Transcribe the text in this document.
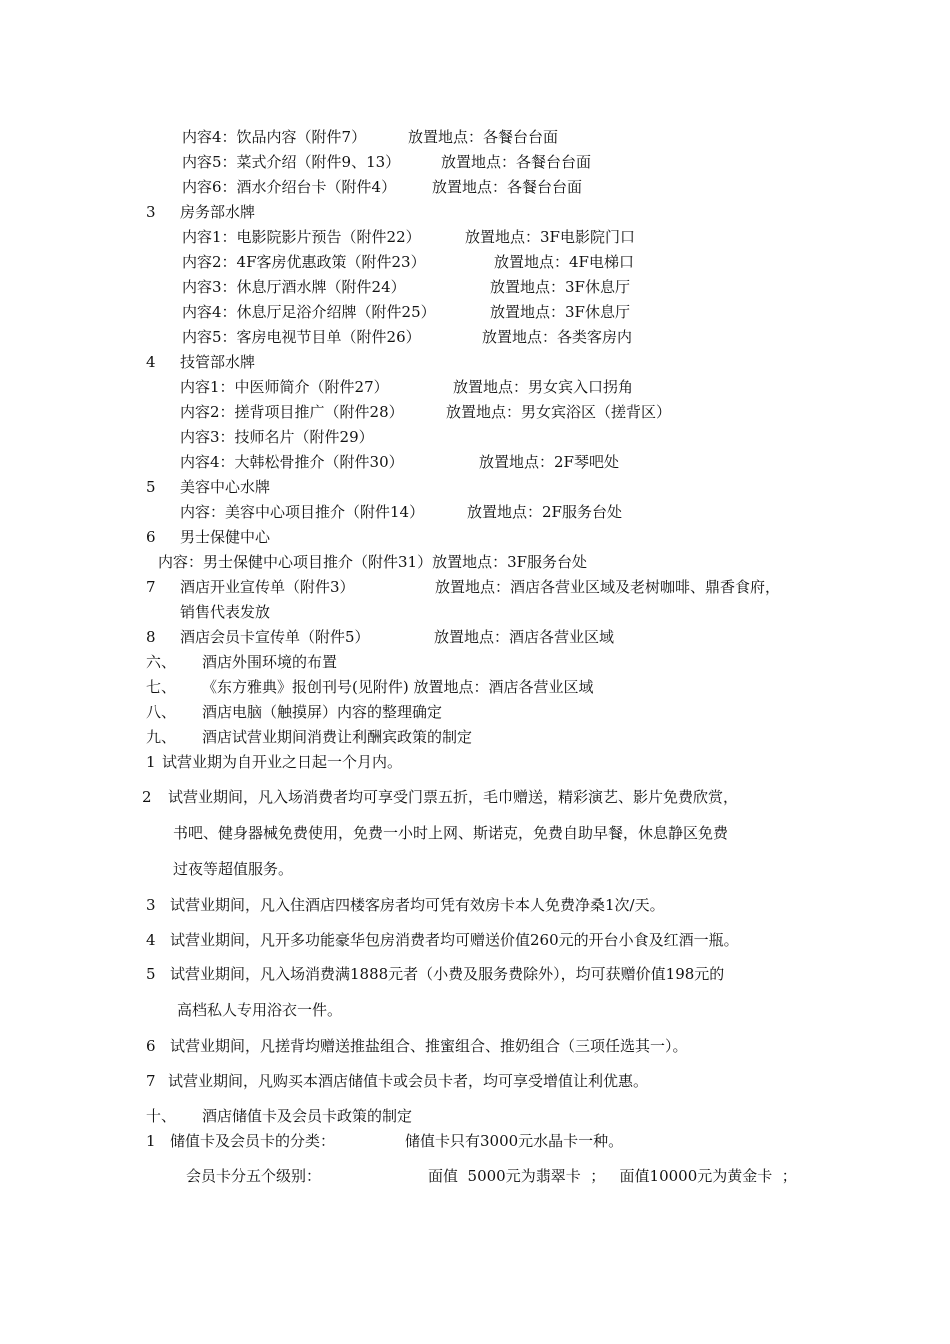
内容4：饮品内容（附件7）	放置地点：各餐台台面
内容5：菜式介绍（附件9、13）	放置地点：各餐台台面
内容6：酒水介绍台卡（附件4） 放置地点：各餐台台面
3 房务部水牌
内容1：电影院影片预告（附件22）	放置地点：3F电影院门口
内容2：4F客房优惠政策（附件23）	放置地点：4F电梯口
内容3：休息厅酒水牌（附件24）	放置地点：3F休息厅
内容4：休息厅足浴介绍牌（附件25）	放置地点：3F休息厅
内容5：客房电视节目单（附件26）	放置地点：各类客房内
4 技管部水牌
内容1：中医师简介（附件27）	放置地点：男女宾入口拐角
内容2：搓背项目推广（附件28）	放置地点：男女宾浴区（搓背区）
内容3：技师名片（附件29）
内容4：大韩松骨推介（附件30）	放置地点：2F琴吧处
5 美容中心水牌
内容：美容中心项目推介（附件14）	放置地点：2F服务台处
6 男士保健中心
内容：男士保健中心项目推介（附件31）放置地点：3F服务台处
7 酒店开业宣传单（附件3）	放置地点：酒店各营业区域及老树咖啡、鼎香食府，
销售代表发放
8 酒店会员卡宣传单（附件5）	放置地点：酒店各营业区域
六、 酒店外围环境的布置
七、 《东方雅典》报创刊号(见附件) 放置地点：酒店各营业区域
八、 酒店电脑（触摸屏）内容的整理确定
九、 酒店试营业期间消费让利酬宾政策的制定
1 试营业期为自开业之日起一个月内。
2 试营业期间，凡入场消费者均可享受门票五折，毛巾赠送，精彩演艺、影片免费欣赏，
书吧、健身器械免费使用，免费一小时上网、斯诺克，免费自助早餐，休息静区免费
过夜等超值服务。
3 试营业期间，凡入住酒店四楼客房者均可凭有效房卡本人免费净桑1次/天。
4 试营业期间，凡开多功能豪华包房消费者均可赠送价值260元的开台小食及红酒一瓶。
5 试营业期间，凡入场消费满1888元者（小费及服务费除外），均可获赠价值198元的
高档私人专用浴衣一件。
6 试营业期间，凡搓背均赠送推盐组合、推蜜组合、推奶组合（三项任选其一）。
7 试营业期间，凡购买本酒店储值卡或会员卡者，均可享受增值让利优惠。
十、 酒店储值卡及会员卡政策的制定
1 储值卡及会员卡的分类：	储值卡只有3000元水晶卡一种。
会员卡分五个级别：	面值  5000元为翡翠卡  ；   面值10000元为黄金卡  ；
